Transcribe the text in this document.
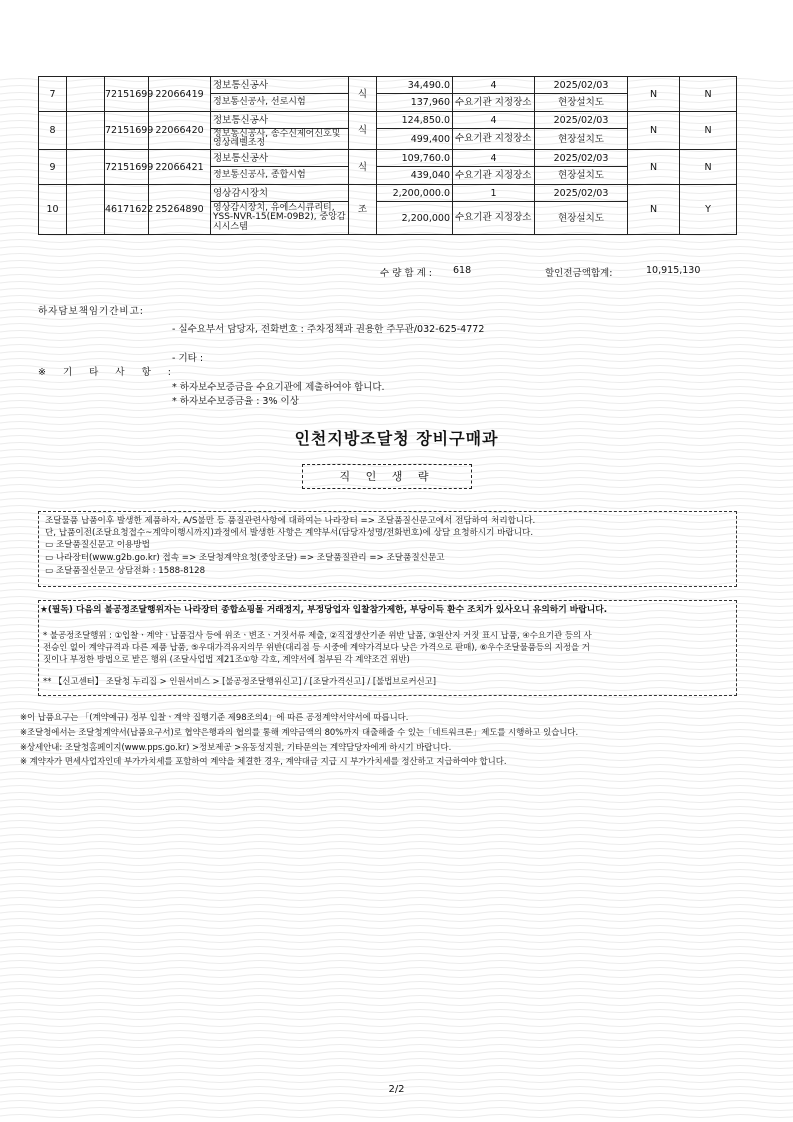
7		72151699	22066419	정보통신공사	식	34,490.0	4	2025/02/03	N	N
				정보통신공사, 선로시험		137,960	수요기관 지정장소	현장설치도		
8		72151699	22066420	정보통신공사	식	124,850.0	4	2025/02/03	N	N
				정보통신공사, 송수신제어신호및영상레벨조정		499,400	수요기관 지정장소	현장설치도		
9		72151699	22066421	정보통신공사	식	109,760.0	4	2025/02/03	N	N
				정보통신공사, 종합시험		439,040	수요기관 지정장소	현장설치도		
10		46171622	25264890	영상감시장치	조	2,200,000.0	1	2025/02/03	N	Y
				영상감시장치, 유에스시큐리티, YSS-NVR-15(EM-09B2), 중앙감시시스템		2,200,000	수요기관 지정장소	현장설치도		
수 량 합 계 : 618	할인전금액합계:	10,915,130
하자담보책임기간비고:
- 실수요부서 담당자, 전화번호 : 주차정책과 권용한 주무관/032-625-4772
- 기타 :
※ 기 타 사 항 :
* 하자보수보증금을 수요기관에 제출하여야 합니다.
* 하자보수보증금율 : 3% 이상
인천지방조달청 장비구매과
직 인 생 략

조달물품 납품이후 발생한 제품하자, A/S불만 등 품질관련사항에 대하여는 나라장터 => 조달품질신문고에서 전담하여 처리합니다.

단, 납품이전(조달요청접수~계약이행시까지)과정에서 발생한 사항은 계약부서(담당자성명/전화번호)에 상담 요청하시기 바랍니다.

▭ 조달품질신문고 이용방법

▭ 나라장터(www.g2b.go.kr) 접속 => 조달청계약요청(중앙조달) => 조달품질관리 => 조달품질신문고

▭ 조달품질신문고 상담전화 : 1588-8128

★(필독) 다음의 불공정조달행위자는 나라장터 종합쇼핑몰 거래정지, 부정당업자 입찰참가제한, 부당이득 환수 조치가 있사오니 유의하기 바랍니다.

* 불공정조달행위 : ①입찰ㆍ계약ㆍ납품검사 등에 위조ㆍ변조ㆍ거짓서류 제출, ②직접생산기준 위반 납품, ③원산지 거짓 표시 납품, ④수요기관 등의 사

전승인 없이 계약규격과 다른 제품 납품, ⑤우대가격유지의무 위반(대리점 등 시중에 계약가격보다 낮은 가격으로 판매), ⑥우수조달물품등의 지정을 거

짓이나 부정한 방법으로 받은 행위 (조달사업법 제21조①항 각호, 계약서에 첨부된 각 계약조건 위반)

** 【신고센터】 조달청 누리집 > 인원서비스 > [불공정조달행위신고] / [조달가격신고] / [불법브로커신고]

※이 납품요구는 「(계약예규) 정부 입찰ㆍ계약 집행기준 제98조의4」에 따른 공정계약서약서에 따릅니다.
※조달청에서는 조달청계약서(납품요구서)로 협약은행과의 협의를 통해 계약금액의 80%까지 대출해줄 수 있는「네트워크론」제도를 시행하고 있습니다.
※상세안내: 조달청홈페이지(www.pps.go.kr) >정보제공 >유동성지원, 기타문의는 계약담당자에게 하시기 바랍니다.
※ 계약자가 면세사업자인데 부가가치세를 포함하여 계약을 체결한 경우, 계약대금 지급 시 부가가치세를 정산하고 지급하여야 합니다.
2/2
